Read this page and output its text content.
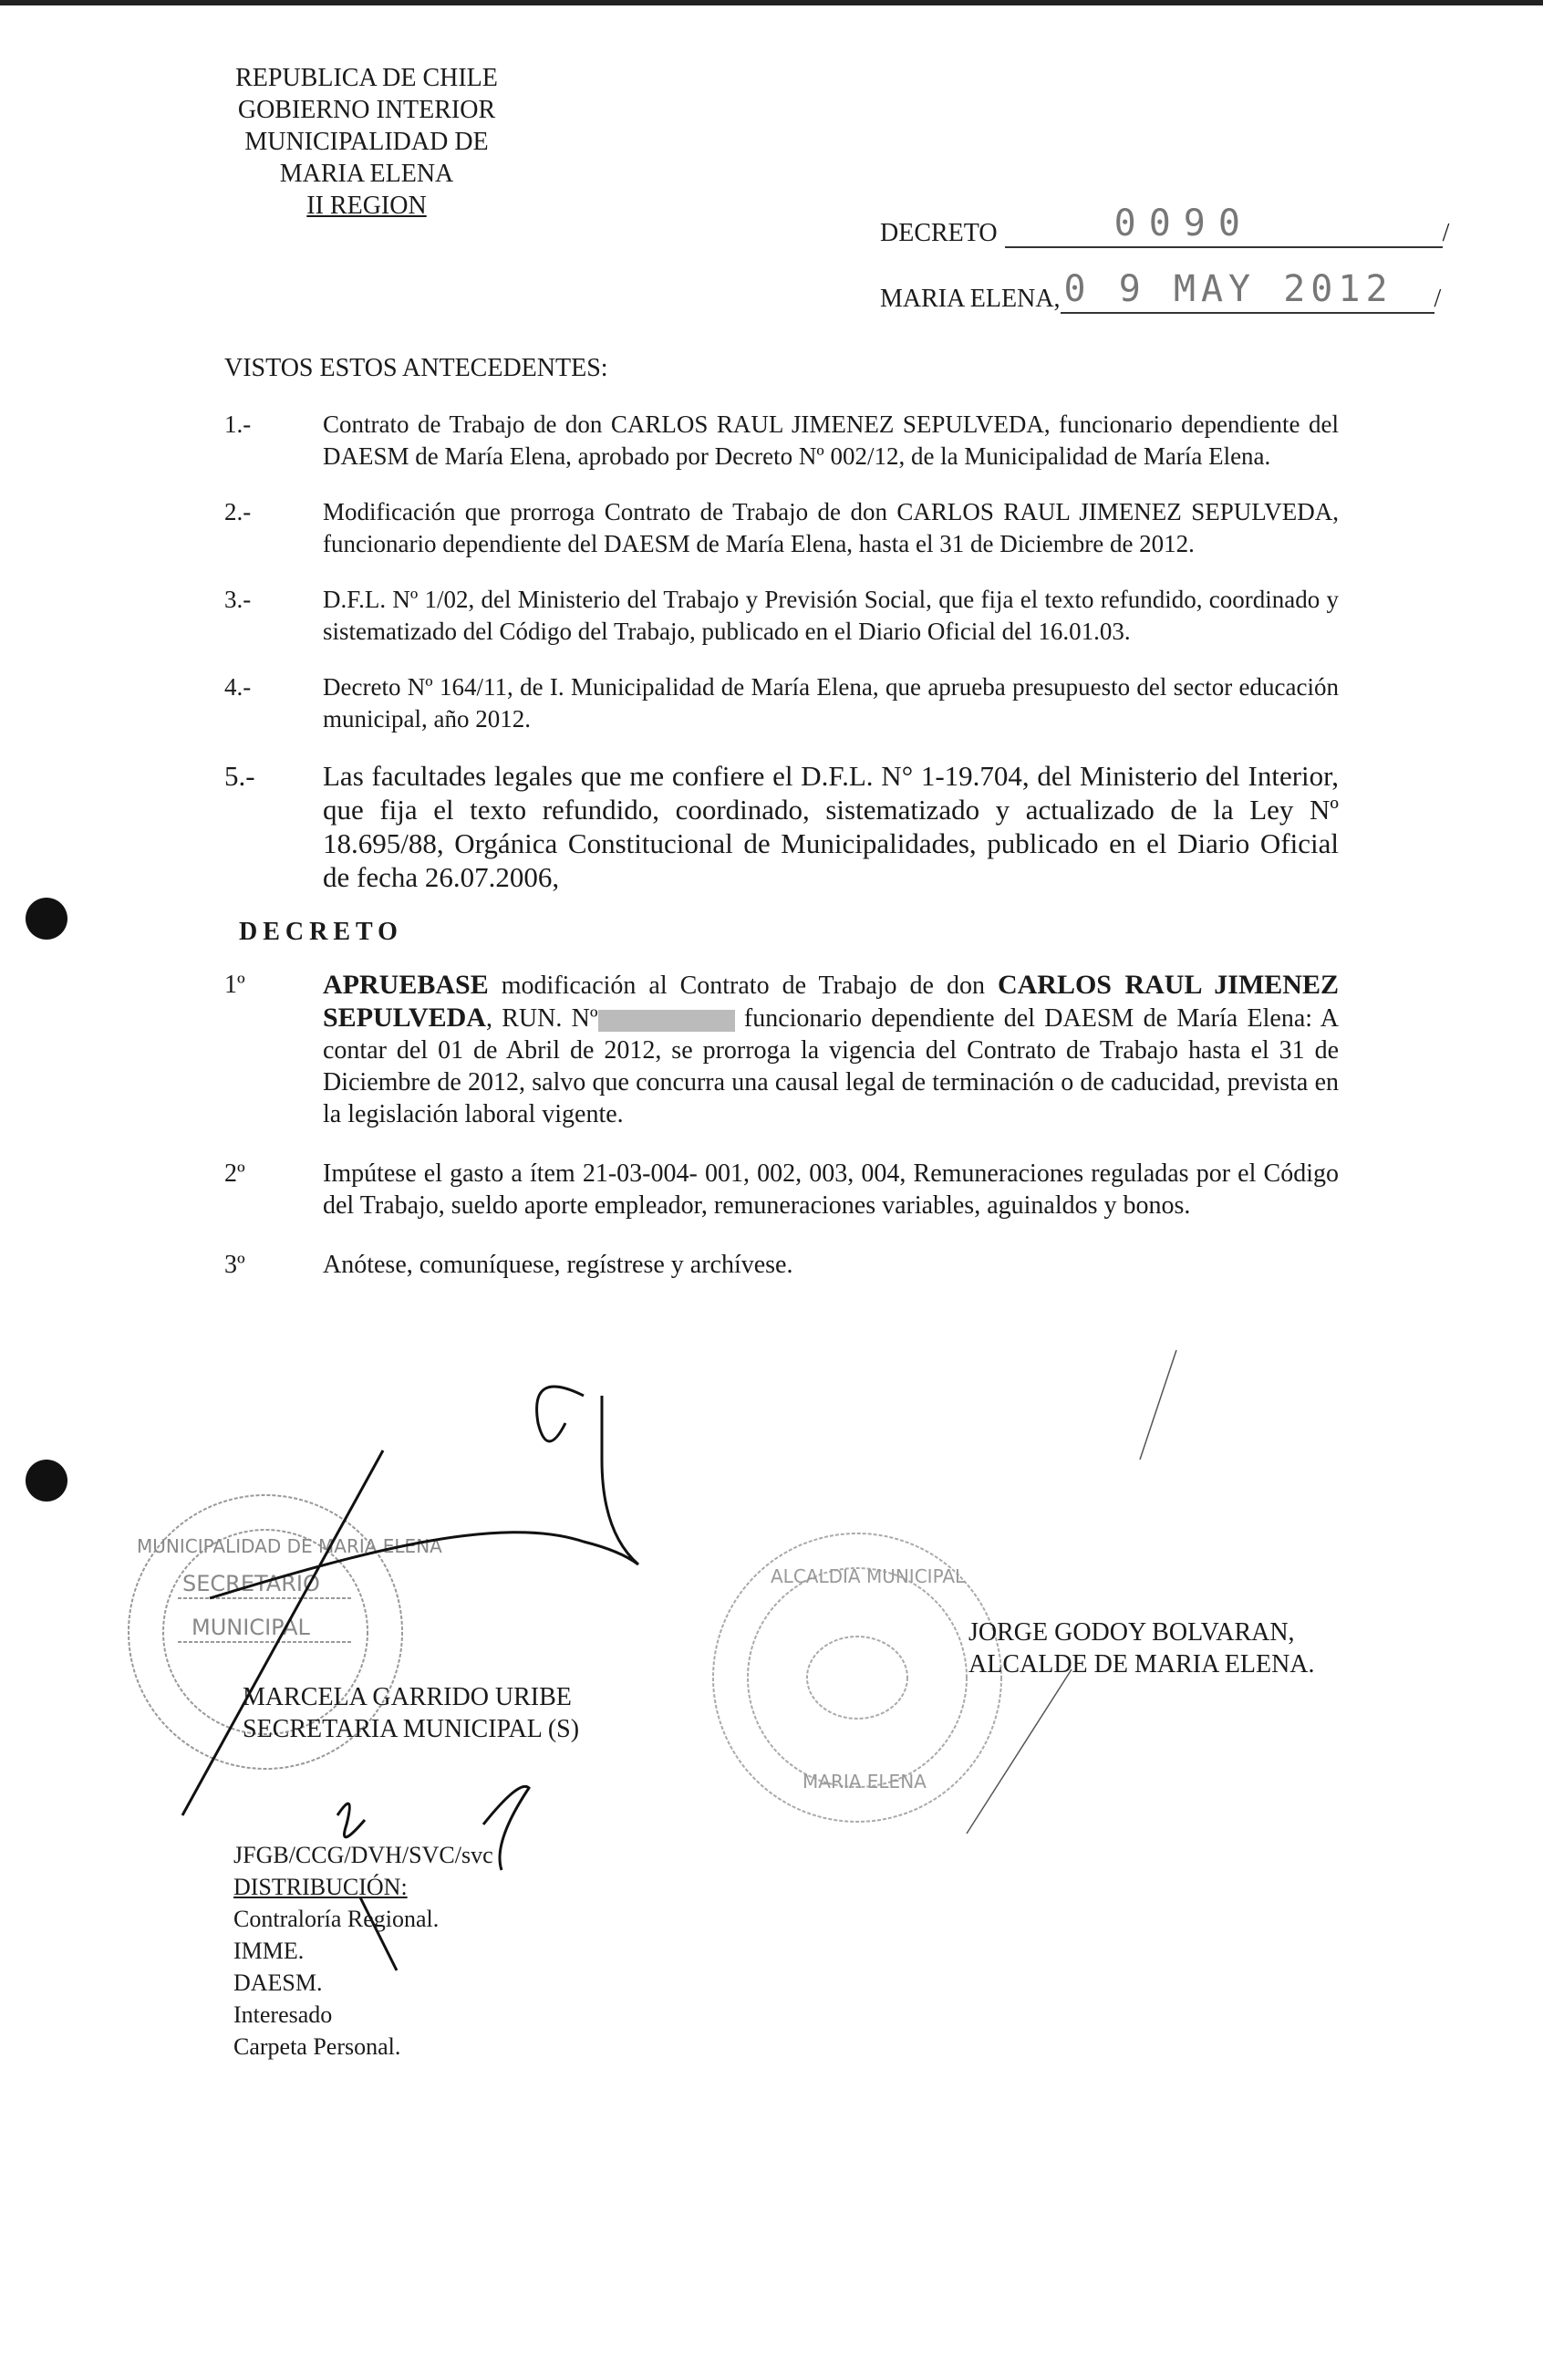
REPUBLICA DE CHILE
GOBIERNO INTERIOR
MUNICIPALIDAD DE
MARIA ELENA
II REGION
DECRETO	0090	/
MARIA ELENA, 0 9 MAY 2012 /
VISTOS ESTOS ANTECEDENTES:
1.-	Contrato de Trabajo de don CARLOS RAUL JIMENEZ SEPULVEDA, funcionario dependiente del DAESM de María Elena, aprobado por Decreto Nº 002/12, de la Municipalidad de María Elena.
2.-	Modificación que prorroga Contrato de Trabajo de don CARLOS RAUL JIMENEZ SEPULVEDA, funcionario dependiente del DAESM de María Elena, hasta el 31 de Diciembre de 2012.
3.-	D.F.L. Nº 1/02, del Ministerio del Trabajo y Previsión Social, que fija el texto refundido, coordinado y sistematizado del Código del Trabajo, publicado en el Diario Oficial del 16.01.03.
4.-	Decreto Nº 164/11, de I. Municipalidad de María Elena, que aprueba presupuesto del sector educación municipal, año 2012.
5.- Las facultades legales que me confiere el D.F.L. N° 1-19.704, del Ministerio del Interior, que fija el texto refundido, coordinado, sistematizado y actualizado de la Ley Nº 18.695/88, Orgánica Constitucional de Municipalidades, publicado en el Diario Oficial de fecha 26.07.2006,
DECRETO
1º	APRUEBASE modificación al Contrato de Trabajo de don CARLOS RAUL JIMENEZ SEPULVEDA, RUN. Nº	funcionario dependiente del DAESM de María Elena: A contar del 01 de Abril de 2012, se prorroga la vigencia del Contrato de Trabajo hasta el 31 de Diciembre de 2012, salvo que concurra una causal legal de terminación o de caducidad, prevista en la legislación laboral vigente.
2º	Impútese el gasto a ítem 21-03-004- 001, 002, 003, 004, Remuneraciones reguladas por el Código del Trabajo, sueldo aporte empleador, remuneraciones variables, aguinaldos y bonos.
3º	Anótese, comuníquese, regístrese y archívese.
MUNICIPALIDAD DE MARIA ELENA
SECRETARIO
MUNICIPAL
ALCALDIA MUNICIPAL
MARIA ELENA
MARCELA GARRIDO URIBE
SECRETARIA MUNICIPAL (S)
JORGE GODOY BOLVARAN,
ALCALDE DE MARIA ELENA.
JFGB/CCG/DVH/SVC/svc
DISTRIBUCIÓN:
Contraloría Regional.
IMME.
DAESM.
Interesado
Carpeta Personal.
